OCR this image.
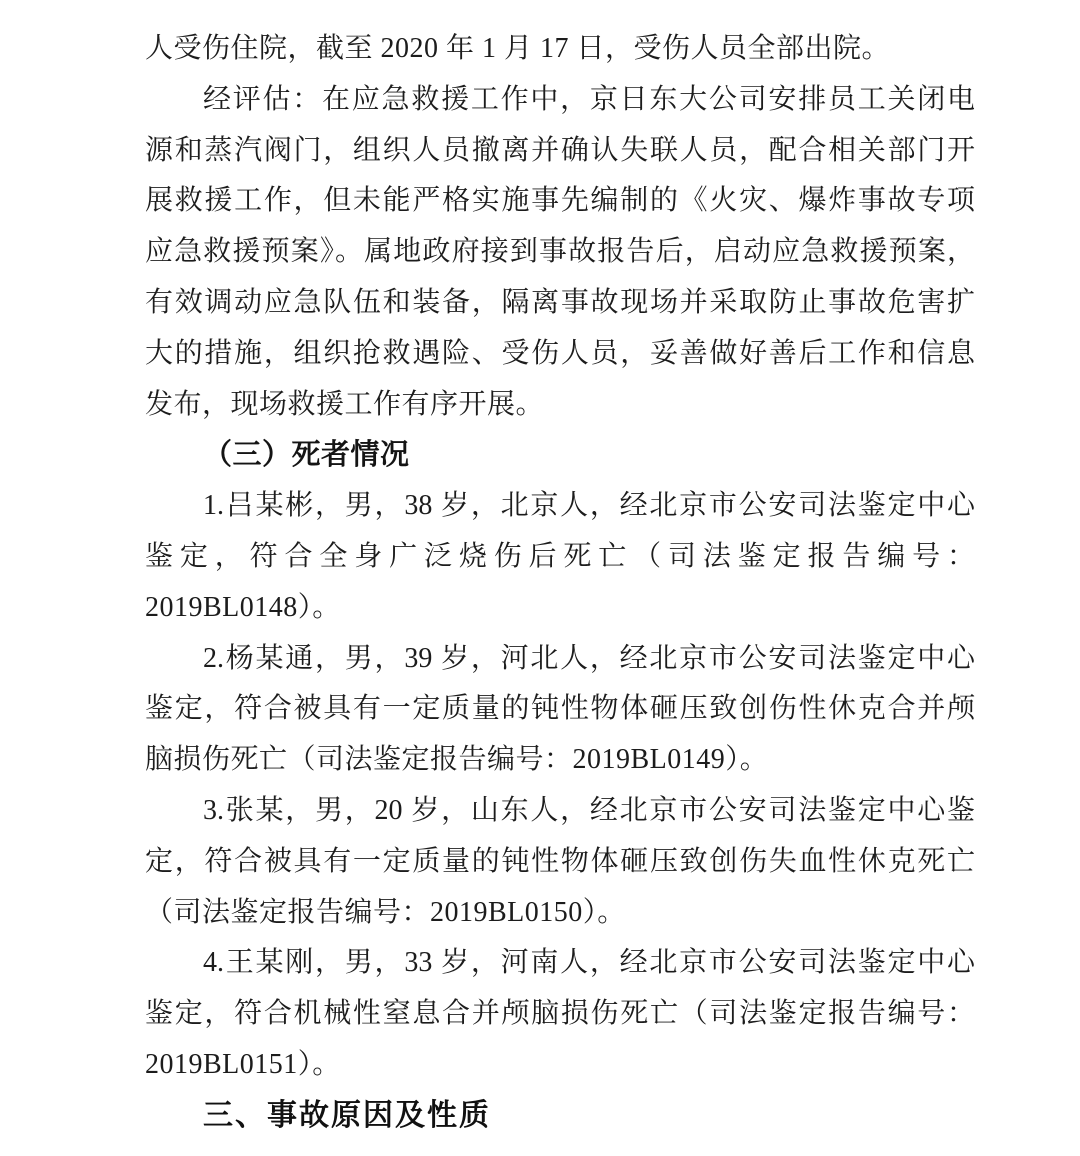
人受伤住院，截至 2020 年 1 月 17 日，受伤人员全部出院。
经评估：在应急救援工作中，京日东大公司安排员工关闭电
源和蒸汽阀门，组织人员撤离并确认失联人员，配合相关部门开
展救援工作，但未能严格实施事先编制的《火灾、爆炸事故专项
应急救援预案》。属地政府接到事故报告后，启动应急救援预案，
有效调动应急队伍和装备，隔离事故现场并采取防止事故危害扩
大的措施，组织抢救遇险、受伤人员，妥善做好善后工作和信息
发布，现场救援工作有序开展。
（三）死者情况
1.吕某彬，男，38 岁，北京人，经北京市公安司法鉴定中心
鉴定，符合全身广泛烧伤后死亡（司法鉴定报告编号：
2019BL0148）。
2.杨某通，男，39 岁，河北人，经北京市公安司法鉴定中心
鉴定，符合被具有一定质量的钝性物体砸压致创伤性休克合并颅
脑损伤死亡（司法鉴定报告编号：2019BL0149）。
3.张某，男，20 岁，山东人，经北京市公安司法鉴定中心鉴
定，符合被具有一定质量的钝性物体砸压致创伤失血性休克死亡
（司法鉴定报告编号：2019BL0150）。
4.王某刚，男，33 岁，河南人，经北京市公安司法鉴定中心
鉴定，符合机械性窒息合并颅脑损伤死亡（司法鉴定报告编号：
2019BL0151）。
三、事故原因及性质
